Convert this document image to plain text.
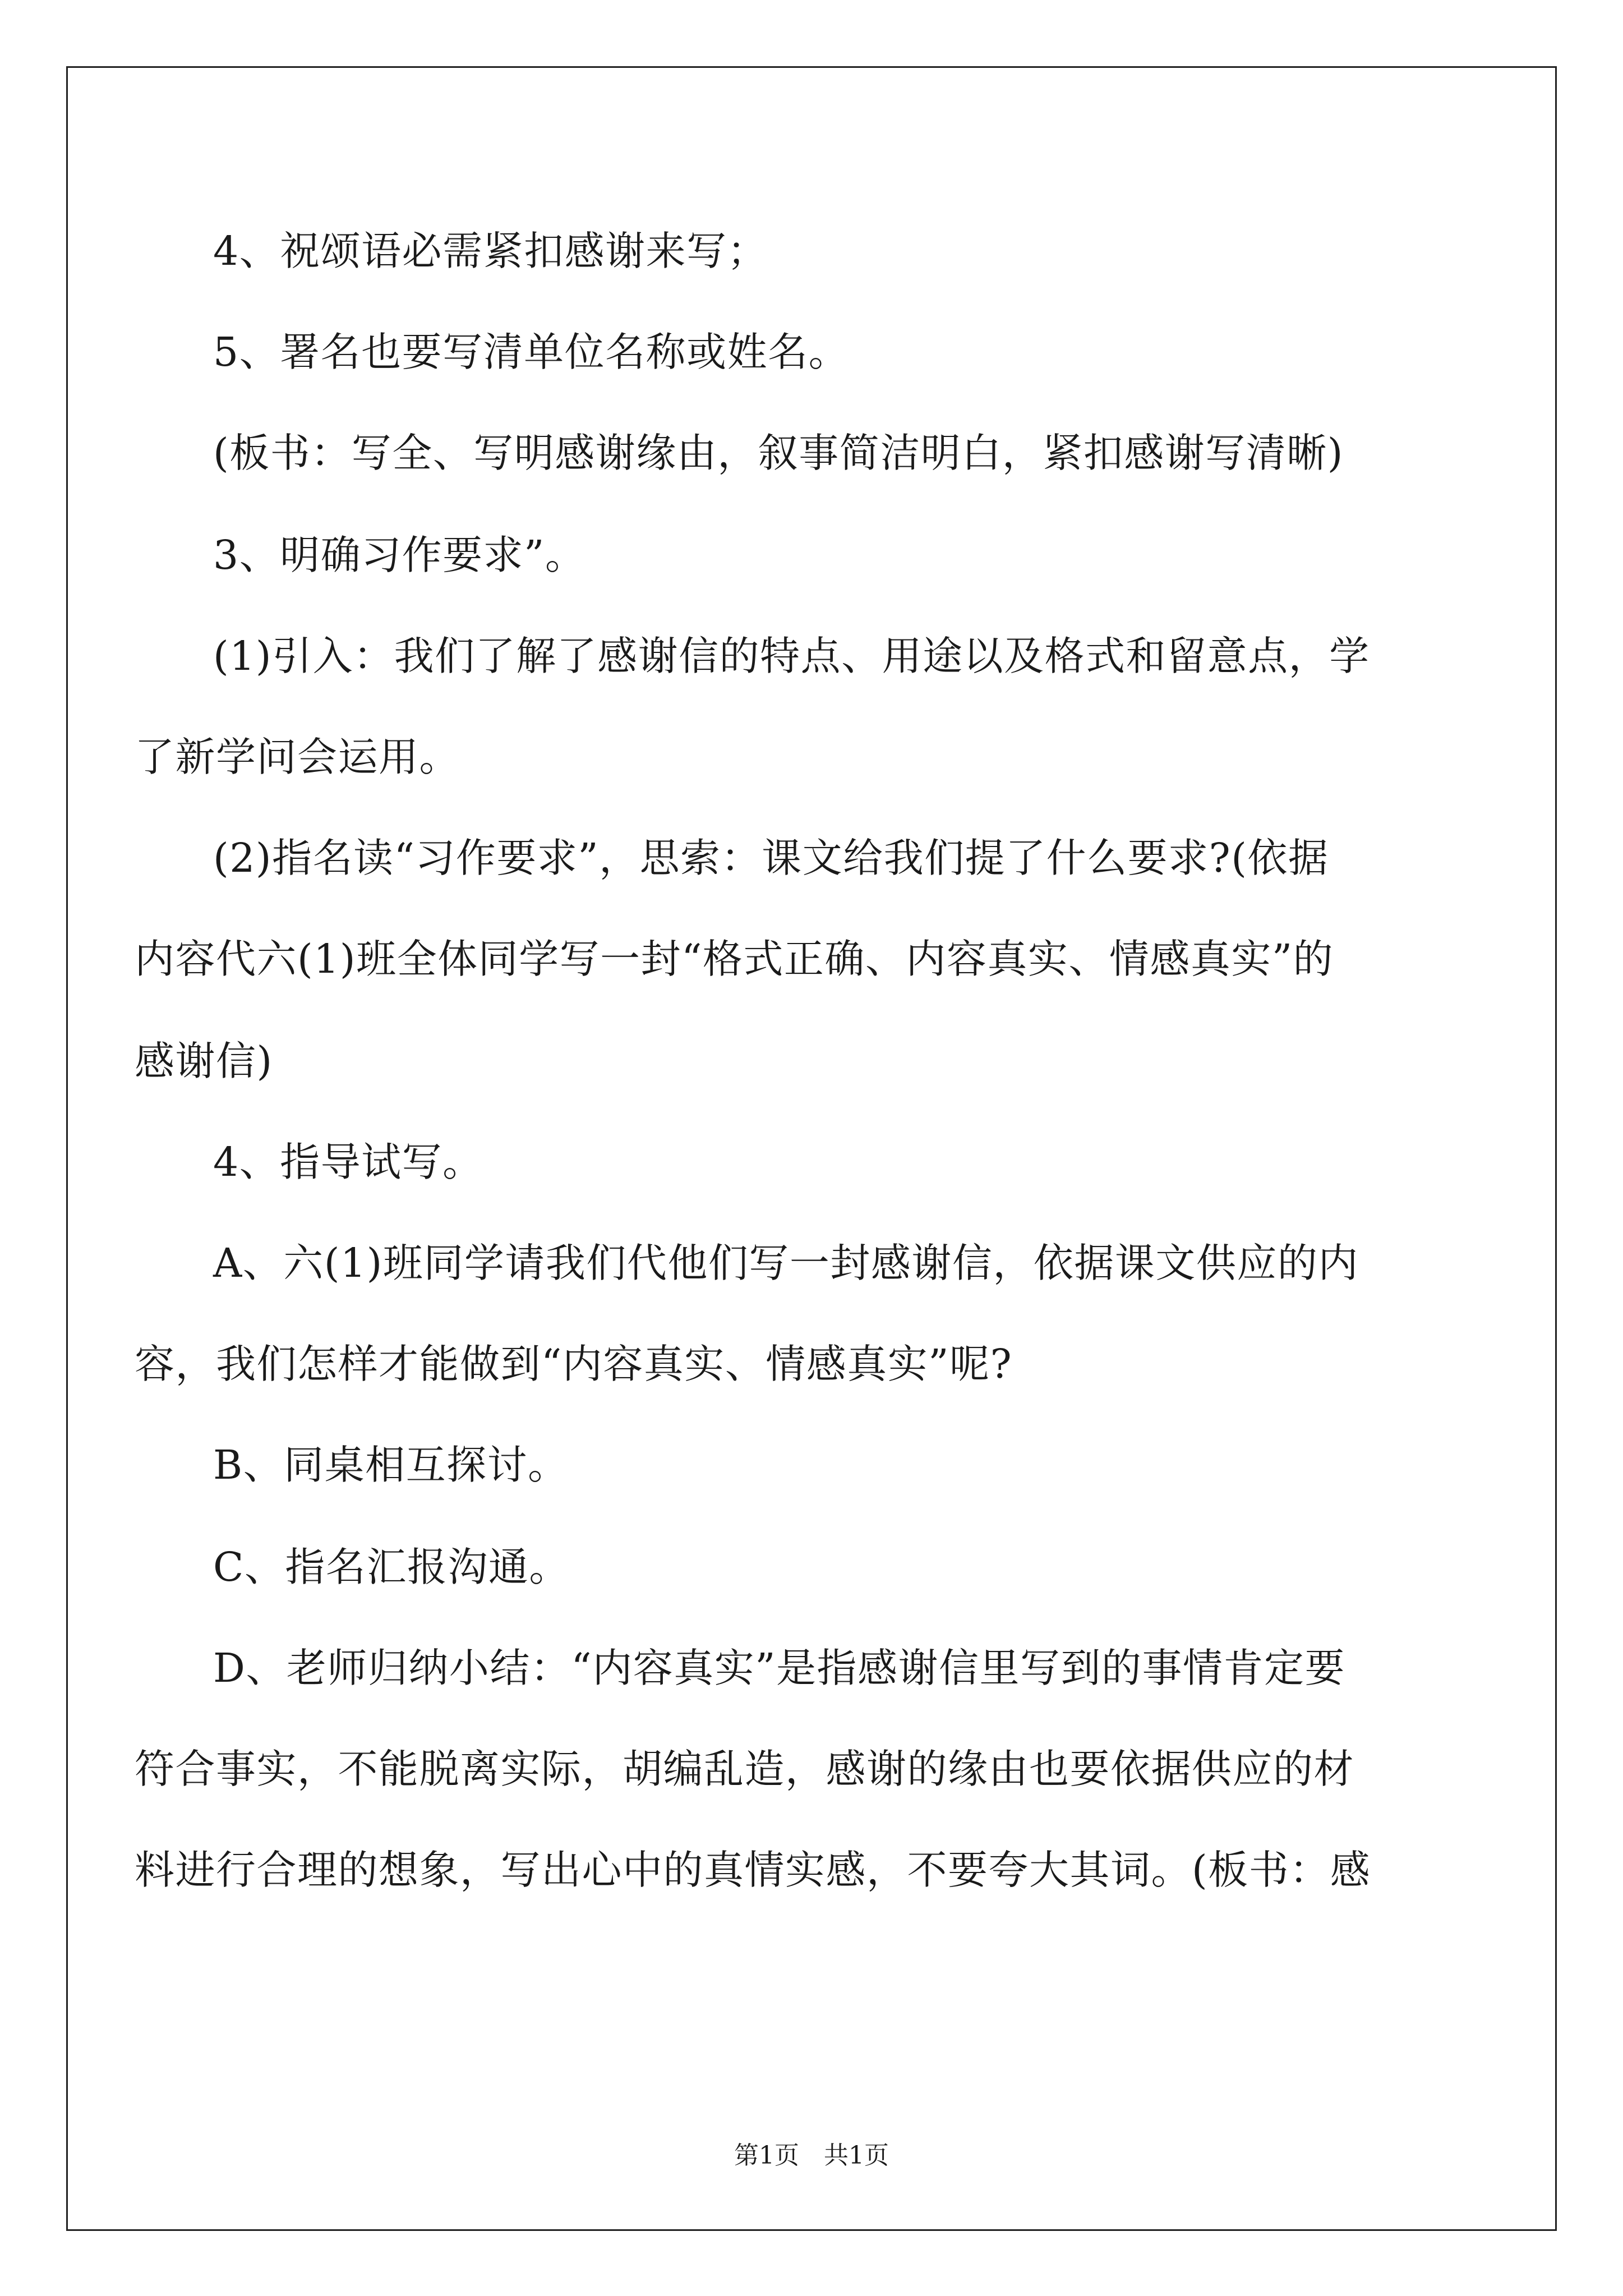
4、祝颂语必需紧扣感谢来写；
5、署名也要写清单位名称或姓名。
(板书：写全、写明感谢缘由，叙事简洁明白，紧扣感谢写清晰)
3、明确习作要求”。
(1)引入：我们了解了感谢信的特点、用途以及格式和留意点，学
了新学问会运用。
(2)指名读“习作要求”，思索：课文给我们提了什么要求?(依据
内容代六(1)班全体同学写一封“格式正确、内容真实、情感真实”的
感谢信)
4、指导试写。
A、六(1)班同学请我们代他们写一封感谢信，依据课文供应的内
容，我们怎样才能做到“内容真实、情感真实”呢?
B、同桌相互探讨。
C、指名汇报沟通。
D、老师归纳小结：“内容真实”是指感谢信里写到的事情肯定要
符合事实，不能脱离实际，胡编乱造，感谢的缘由也要依据供应的材
料进行合理的想象，写出心中的真情实感，不要夸大其词。(板书：感
第1页　共1页
